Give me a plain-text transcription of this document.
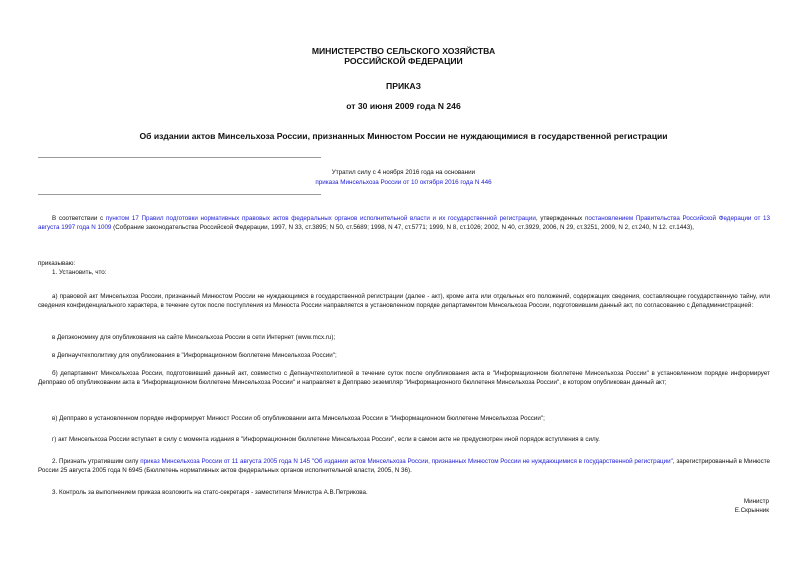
МИНИСТЕРСТВО СЕЛЬСКОГО ХОЗЯЙСТВА
РОССИЙСКОЙ ФЕДЕРАЦИИ
ПРИКАЗ
от 30 июня 2009 года N 246
Об издании актов Минсельхоза России, признанных Минюстом России не нуждающимися в государственной регистрации
Утратил силу с 4 ноября 2016 года на основании
приказа Минсельхоза России от 10 октября 2016 года N 446
В соответствии с пунктом 17 Правил подготовки нормативных правовых актов федеральных органов исполнительной власти и их государственной регистрации, утвержденных постановлением Правительства Российской Федерации от 13 августа 1997 года N 1009 (Собрание законодательства Российской Федерации, 1997, N 33, ст.3895; N 50, ст.5689; 1998, N 47, ст.5771; 1999, N 8, ст.1026; 2002, N 40, ст.3929, 2006, N 29, ст.3251, 2009, N 2, ст.240, N 12. ст.1443),
приказываю:
1. Установить, что:
а) правовой акт Минсельхоза России, признанный Минюстом России не нуждающимся в государственной регистрации (далее - акт), кроме акта или отдельных его положений, содержащих сведения, составляющие государственную тайну, или сведения конфиденциального характера, в течение суток после поступления из Минюста России направляется в установленном порядке департаментом Минсельхоза России, подготовившим данный акт, по согласованию с Депадминистрацией:
в Депэкономику для опубликования на сайте Минсельхоза России в сети Интернет (www.mcx.ru);
в Депнаучтехполитику для опубликования в "Информационном бюллетене Минсельхоза России";
б) департамент Минсельхоза России, подготовивший данный акт, совместно с Депнаучтехполитикой в течение суток после опубликования акта в "Информационном бюллетене Минсельхоза России" в установленном порядке информирует Депправо об опубликовании акта в "Информационном бюллетене Минсельхоза России" и направляет в Депправо экземпляр "Информационного бюллетеня Минсельхоза России", в котором опубликован данный акт;
в) Депправо в установленном порядке информирует Минюст России об опубликовании акта Минсельхоза России в "Информационном бюллетене Минсельхоза России";
г) акт Минсельхоза России вступает в силу с момента издания в "Информационном бюллетене Минсельхоза России", если в самом акте не предусмотрен иной порядок вступления в силу.
2. Признать утратившим силу приказ Минсельхоза России от 11 августа 2005 года N 145 "Об издании актов Минсельхоза России, признанных Минюстом России не нуждающимися в государственной регистрации", зарегистрированный в Минюсте России 25 августа 2005 года N 6945 (Бюллетень нормативных актов федеральных органов исполнительной власти, 2005, N 36).
3. Контроль за выполнением приказа возложить на статс-секретаря - заместителя Министра А.В.Петрикова.
Министр
Е.Скрынник
